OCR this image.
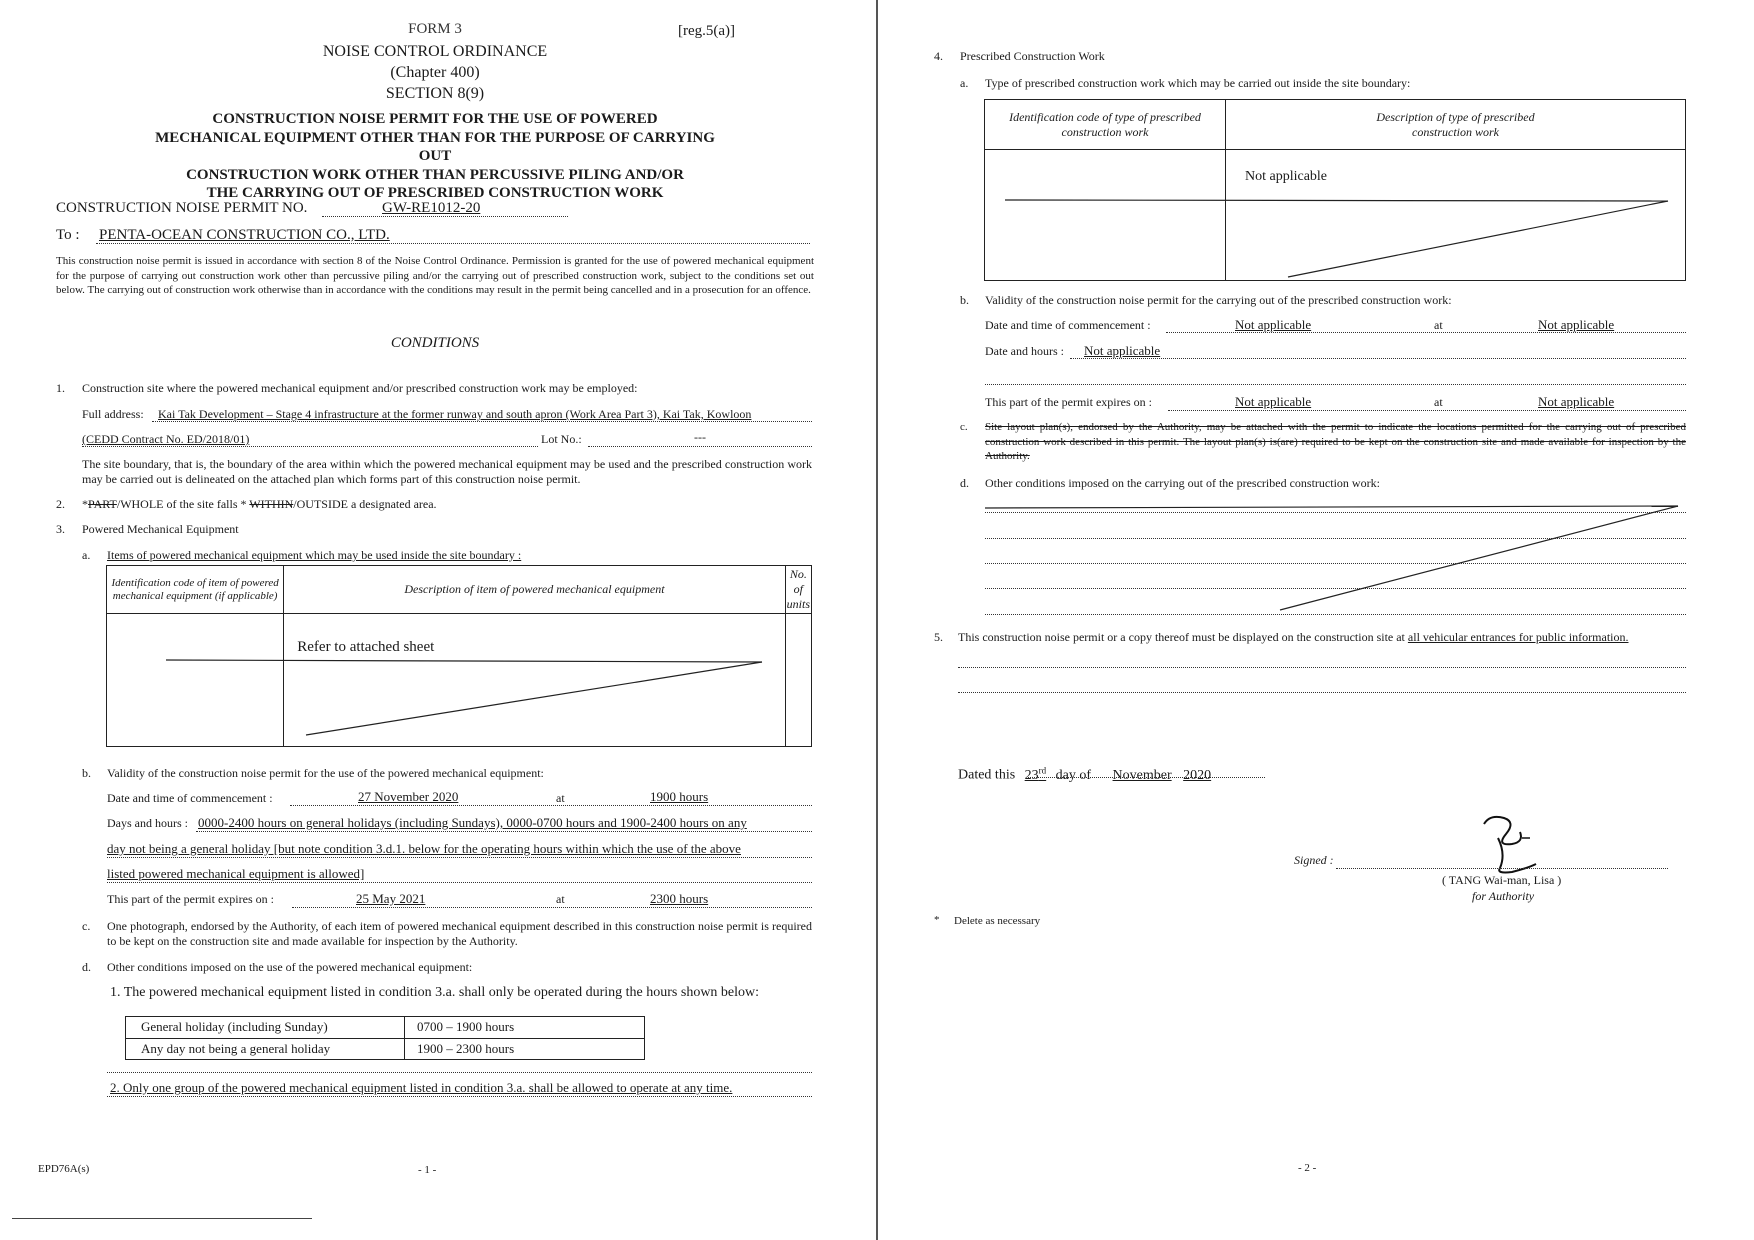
FORM 3	[reg.5(a)]
NOISE CONTROL ORDINANCE
(Chapter 400)
SECTION 8(9)
CONSTRUCTION NOISE PERMIT FOR THE USE OF POWERED
MECHANICAL EQUIPMENT OTHER THAN FOR THE PURPOSE OF CARRYING OUT
CONSTRUCTION WORK OTHER THAN PERCUSSIVE PILING AND/OR
THE CARRYING OUT OF PRESCRIBED CONSTRUCTION WORK
CONSTRUCTION NOISE PERMIT NO.	GW-RE1012-20
To : PENTA-OCEAN CONSTRUCTION CO., LTD.
This construction noise permit is issued in accordance with section 8 of the Noise Control Ordinance. Permission is granted for the use of powered mechanical equipment for the purpose of carrying out construction work other than percussive piling and/or the carrying out of prescribed construction work, subject to the conditions set out below. The carrying out of construction work otherwise than in accordance with the conditions may result in the permit being cancelled and in a prosecution for an offence.
CONDITIONS
1. Construction site where the powered mechanical equipment and/or prescribed construction work may be employed:
Full address: Kai Tak Development – Stage 4 infrastructure at the former runway and south apron (Work Area Part 3), Kai Tak, Kowloon
(CEDD Contract No. ED/2018/01)	Lot No.:	---
The site boundary, that is, the boundary of the area within which the powered mechanical equipment may be used and the prescribed construction work may be carried out is delineated on the attached plan which forms part of this construction noise permit.
2. *PART/WHOLE of the site falls * WITHIN/OUTSIDE a designated area.
3. Powered Mechanical Equipment
a. Items of powered mechanical equipment which may be used inside the site boundary :
Identification code of item of powered mechanical equipment (if applicable)	Description of item of powered mechanical equipment	No. of units
	Refer to attached sheet	
b. Validity of the construction noise permit for the use of the powered mechanical equipment:
Date and time of commencement :	27 November 2020	at	1900 hours
Days and hours : 0000-2400 hours on general holidays (including Sundays), 0000-0700 hours and 1900-2400 hours on any
day not being a general holiday [but note condition 3.d.1. below for the operating hours within which the use of the above
listed powered mechanical equipment is allowed]
This part of the permit expires on :	25 May 2021	at	2300 hours
c. One photograph, endorsed by the Authority, of each item of powered mechanical equipment described in this construction noise permit is required to be kept on the construction site and made available for inspection by the Authority.
d. Other conditions imposed on the use of the powered mechanical equipment:
1. The powered mechanical equipment listed in condition 3.a. shall only be operated during the hours shown below:
General holiday (including Sunday)	0700 – 1900 hours
Any day not being a general holiday	1900 – 2300 hours
2. Only one group of the powered mechanical equipment listed in condition 3.a. shall be allowed to operate at any time.
EPD76A(s)	- 1 -
4. Prescribed Construction Work
a. Type of prescribed construction work which may be carried out inside the site boundary:
Identification code of type of prescribed construction work	Description of type of prescribed construction work
	Not applicable
b. Validity of the construction noise permit for the carrying out of the prescribed construction work:
Date and time of commencement :	Not applicable	at	Not applicable
Date and hours : Not applicable
This part of the permit expires on :	Not applicable	at	Not applicable
c. Site layout plan(s), endorsed by the Authority, may be attached with the permit to indicate the locations permitted for the carrying out of prescribed construction work described in this permit. The layout plan(s) is(are) required to be kept on the construction site and made available for inspection by the Authority.
d. Other conditions imposed on the carrying out of the prescribed construction work:
5. This construction noise permit or a copy thereof must be displayed on the construction site at all vehicular entrances for public information.
Dated this 23rd day of November 2020
Signed :
( TANG Wai-man, Lisa )
for Authority
* Delete as necessary
- 2 -
